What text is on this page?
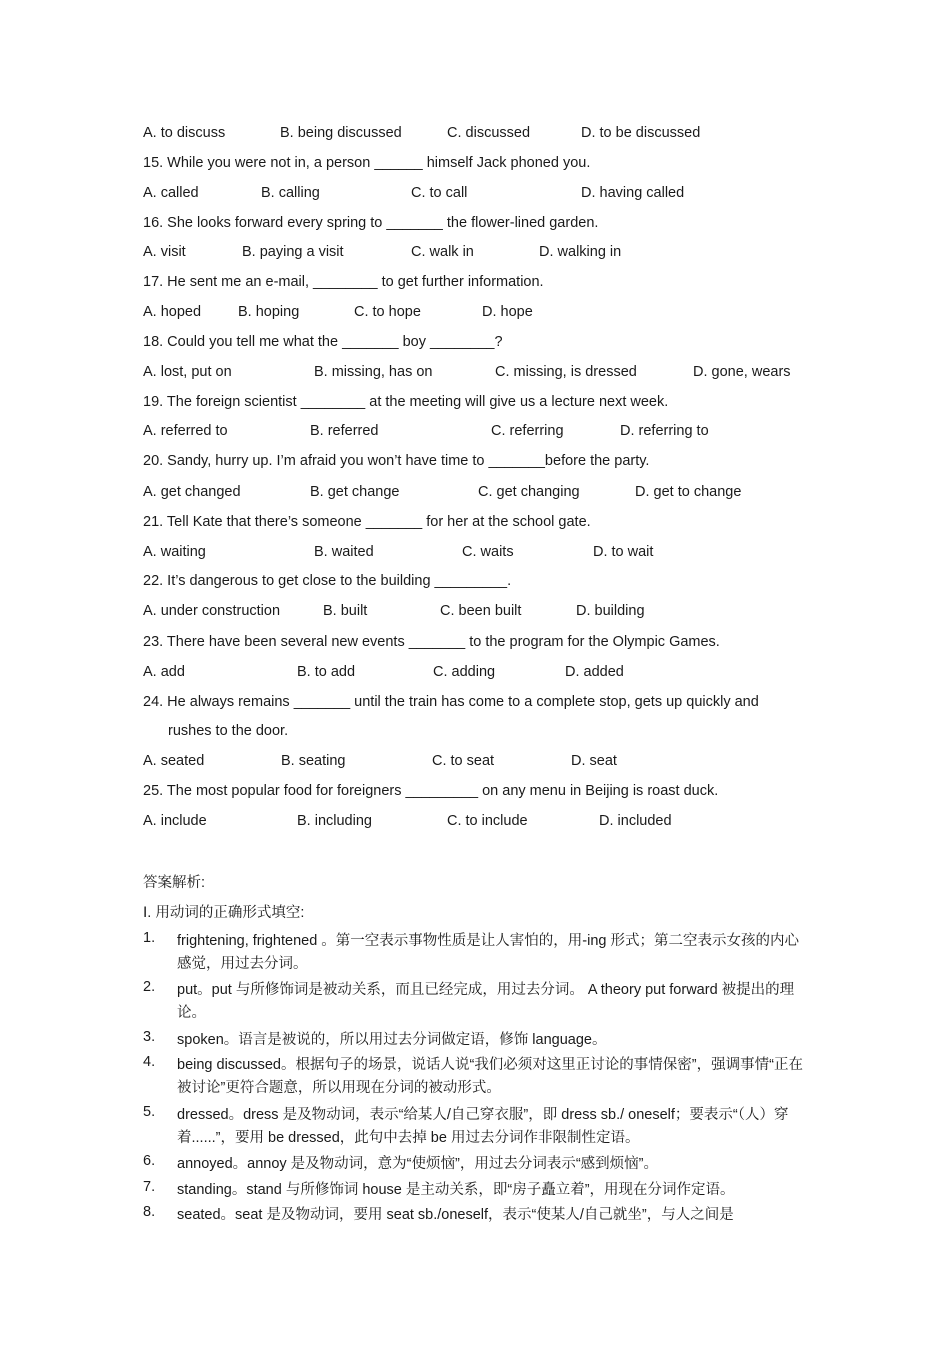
A. to discuss	B. being discussed	C. discussed	D. to be discussed
15. While you were not in, a person ______ himself Jack phoned you.
A. called	B. calling	C. to call	D. having called
16. She looks forward every spring to _______ the flower-lined garden.
A. visit	B. paying a visit	C. walk in	D. walking in
17. He sent me an e-mail, ________ to get further information.
A. hoped	B. hoping	C. to hope	D. hope
18. Could you tell me what the _______ boy ________?
A. lost, put on	B. missing, has on	C. missing, is dressed	D. gone, wears
19. The foreign scientist ________ at the meeting will give us a lecture next week.
A. referred to	B. referred	C. referring	D. referring to
20. Sandy, hurry up. I’m afraid you won’t have time to _______before the party.
A. get changed	B. get change	C. get changing	D. get to change
21. Tell Kate that there’s someone _______ for her at the school gate.
A. waiting	B. waited	C. waits	D. to wait
22. It’s dangerous to get close to the building _________.
A. under construction	B. built	C. been built	D. building
23. There have been several new events _______ to the program for the Olympic Games.
A. add	B. to add	C. adding	D. added
24. He always remains _______ until the train has come to a complete stop, gets up quickly and
rushes to the door.
A. seated	B. seating	C. to seat	D. seat
25. The most popular food for foreigners _________ on any menu in Beijing is roast duck.
A. include	B. including	C. to include	D. included
答案解析:
Ⅰ. 用动词的正确形式填空:
1. frightening, frightened 。第一空表示事物性质是让人害怕的，用-ing 形式；第二空表示女孩的内心感觉，用过去分词。
2. put。put 与所修饰词是被动关系，而且已经完成，用过去分词。 A theory put forward 被提出的理论。
3. spoken。语言是被说的，所以用过去分词做定语，修饰 language。
4. being discussed。根据句子的场景，说话人说“我们必须对这里正讨论的事情保密”，强调事情“正在被讨论”更符合题意，所以用现在分词的被动形式。
5. dressed。dress 是及物动词，表示“给某人/自己穿衣服”，即 dress sb./ oneself；要表示“（人）穿着......”，要用 be dressed，此句中去掉 be 用过去分词作非限制性定语。
6. annoyed。annoy 是及物动词，意为“使烦恼”，用过去分词表示“感到烦恼”。
7. standing。stand 与所修饰词 house 是主动关系，即“房子矗立着”，用现在分词作定语。
8. seated。seat 是及物动词，要用 seat sb./oneself，表示“使某人/自己就坐”，与人之间是
